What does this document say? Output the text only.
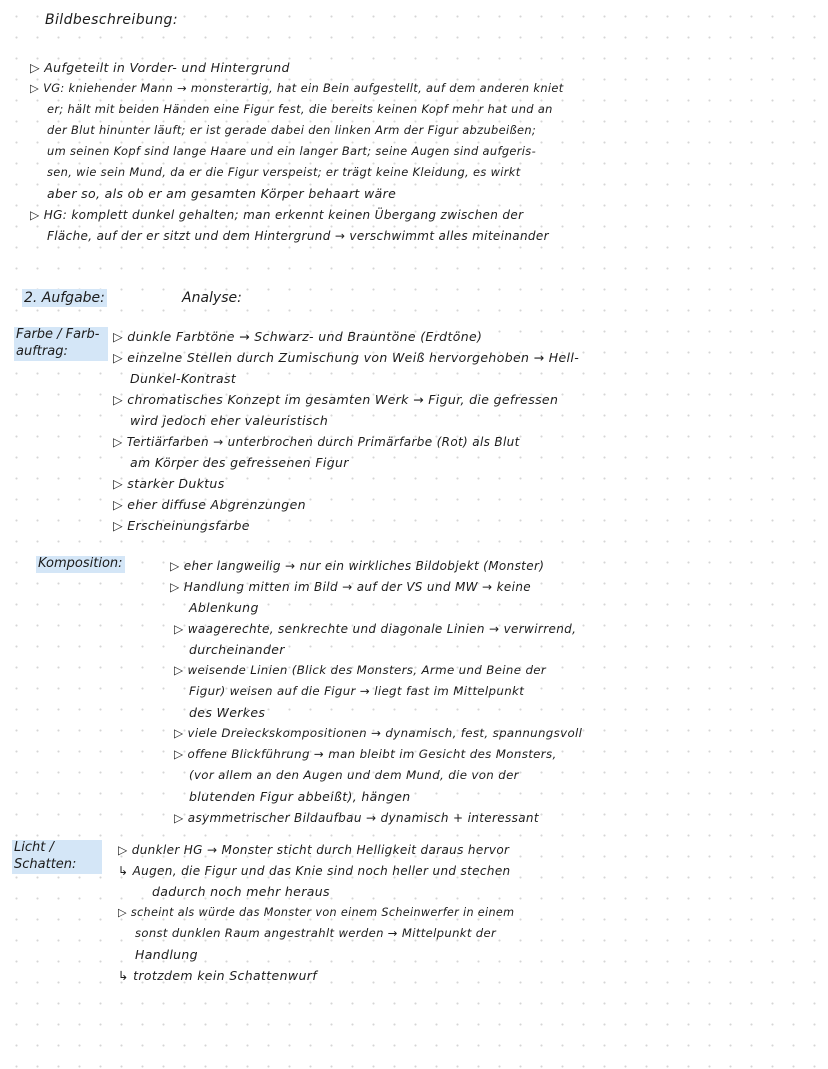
Bildbeschreibung:
▷ Aufgeteilt in Vorder- und Hintergrund
▷ VG: kniehender Mann → monsterartig, hat ein Bein aufgestellt, auf dem anderen kniet
er; hält mit beiden Händen eine Figur fest, die bereits keinen Kopf mehr hat und an
der Blut hinunter läuft; er ist gerade dabei den linken Arm der Figur abzubeißen;
um seinen Kopf sind lange Haare und ein langer Bart; seine Augen sind aufgeris-
sen, wie sein Mund, da er die Figur verspeist; er trägt keine Kleidung, es wirkt
aber so, als ob er am gesamten Körper behaart wäre
▷ HG: komplett dunkel gehalten; man erkennt keinen Übergang zwischen der
Fläche, auf der er sitzt und dem Hintergrund → verschwimmt alles miteinander
2. Aufgabe:	Analyse:
Farbe / Farb- auftrag:
▷ dunkle Farbtöne → Schwarz- und Brauntöne (Erdtöne)
▷ einzelne Stellen durch Zumischung von Weiß hervorgehoben → Hell-
Dunkel-Kontrast
▷ chromatisches Konzept im gesamten Werk → Figur, die gefressen
wird jedoch eher valeuristisch
▷ Tertiärfarben → unterbrochen durch Primärfarbe (Rot) als Blut
am Körper des gefressenen Figur
▷ starker Duktus
▷ eher diffuse Abgrenzungen
▷ Erscheinungsfarbe
Komposition:	▷ eher langweilig → nur ein wirkliches Bildobjekt (Monster)
▷ Handlung mitten im Bild → auf der VS und MW → keine
Ablenkung
▷ waagerechte, senkrechte und diagonale Linien → verwirrend,
durcheinander
▷ weisende Linien (Blick des Monsters, Arme und Beine der
Figur) weisen auf die Figur → liegt fast im Mittelpunkt
des Werkes
▷ viele Dreieckskompositionen → dynamisch, fest, spannungsvoll
▷ offene Blickführung → man bleibt im Gesicht des Monsters,
(vor allem an den Augen und dem Mund, die von der
blutenden Figur abbeißt), hängen
▷ asymmetrischer Bildaufbau → dynamisch + interessant
Licht / Schatten:
▷ dunkler HG → Monster sticht durch Helligkeit daraus hervor
↳ Augen, die Figur und das Knie sind noch heller und stechen
dadurch noch mehr heraus
▷ scheint als würde das Monster von einem Scheinwerfer in einem
sonst dunklen Raum angestrahlt werden → Mittelpunkt der
Handlung
↳ trotzdem kein Schattenwurf
